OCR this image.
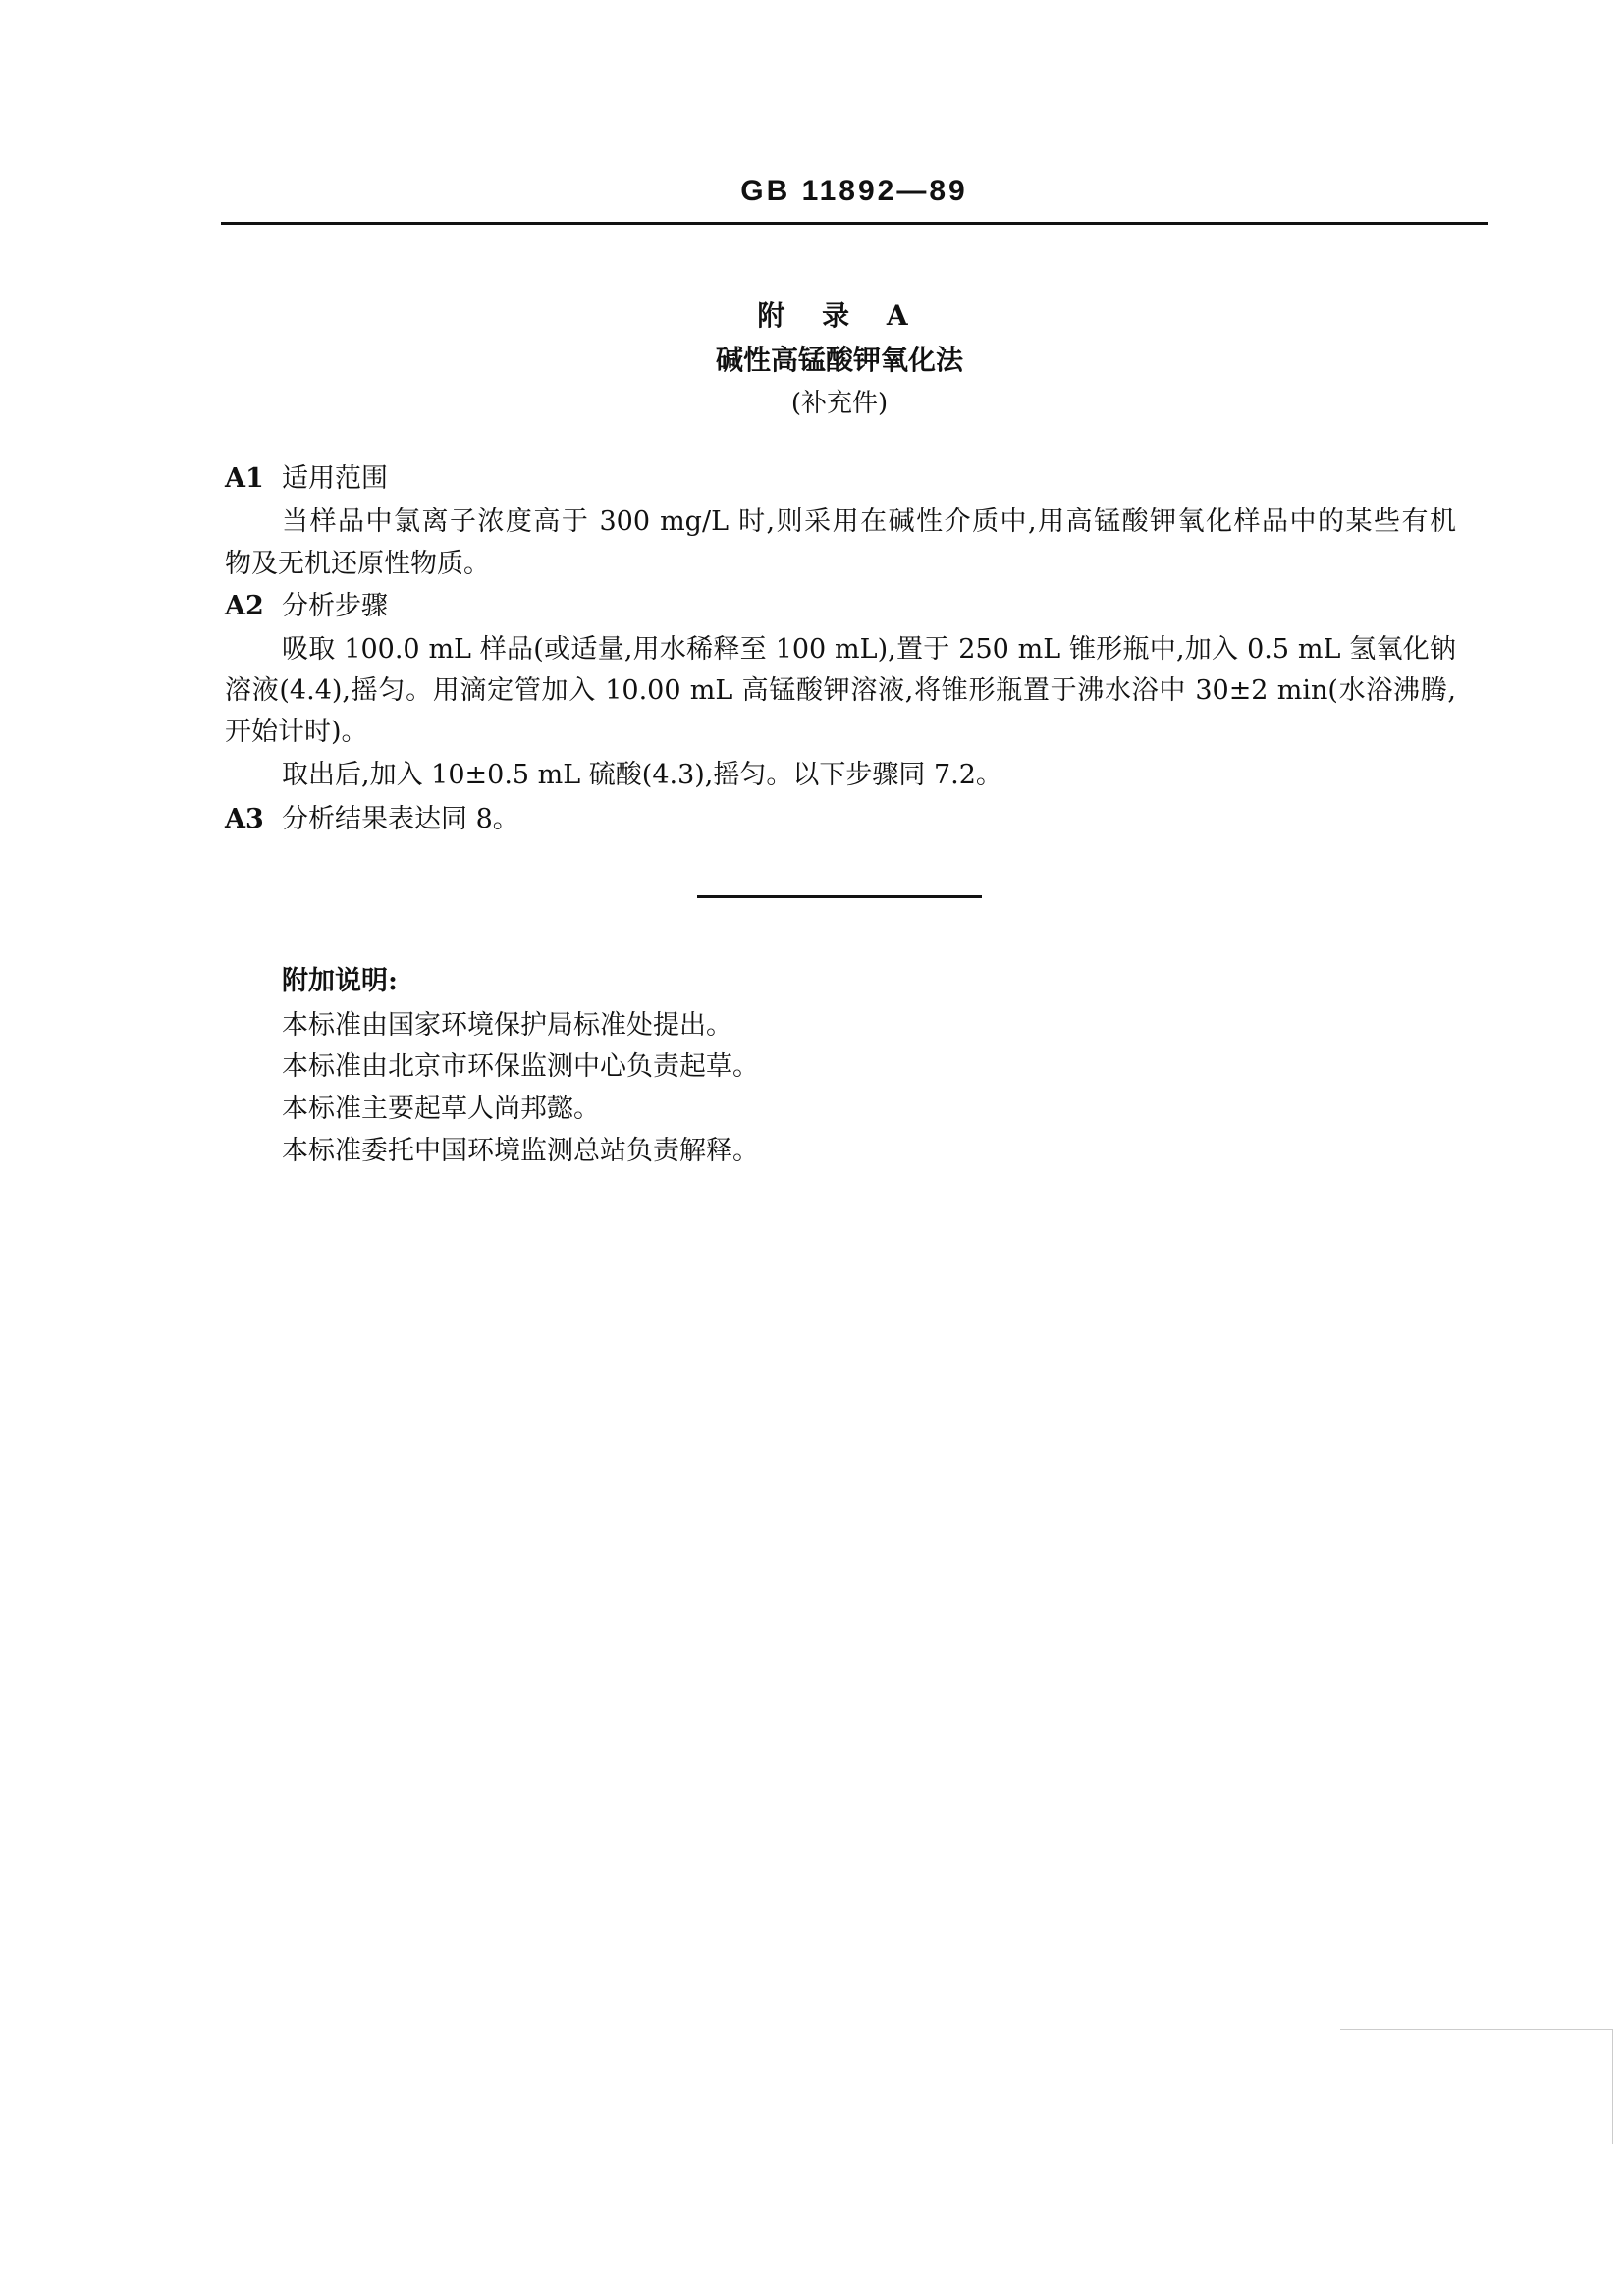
GB 11892—89
附 录 A
碱性高锰酸钾氧化法
(补充件)
A1 适用范围
当样品中氯离子浓度高于 300 mg/L 时,则采用在碱性介质中,用高锰酸钾氧化样品中的某些有机
物及无机还原性物质。
A2 分析步骤
吸取 100.0 mL 样品(或适量,用水稀释至 100 mL),置于 250 mL 锥形瓶中,加入 0.5 mL 氢氧化钠
溶液(4.4),摇匀。用滴定管加入 10.00 mL 高锰酸钾溶液,将锥形瓶置于沸水浴中 30±2 min(水浴沸腾,
开始计时)。
取出后,加入 10±0.5 mL 硫酸(4.3),摇匀。以下步骤同 7.2。
A3 分析结果表达同 8。
附加说明:
本标准由国家环境保护局标准处提出。
本标准由北京市环保监测中心负责起草。
本标准主要起草人尚邦懿。
本标准委托中国环境监测总站负责解释。
